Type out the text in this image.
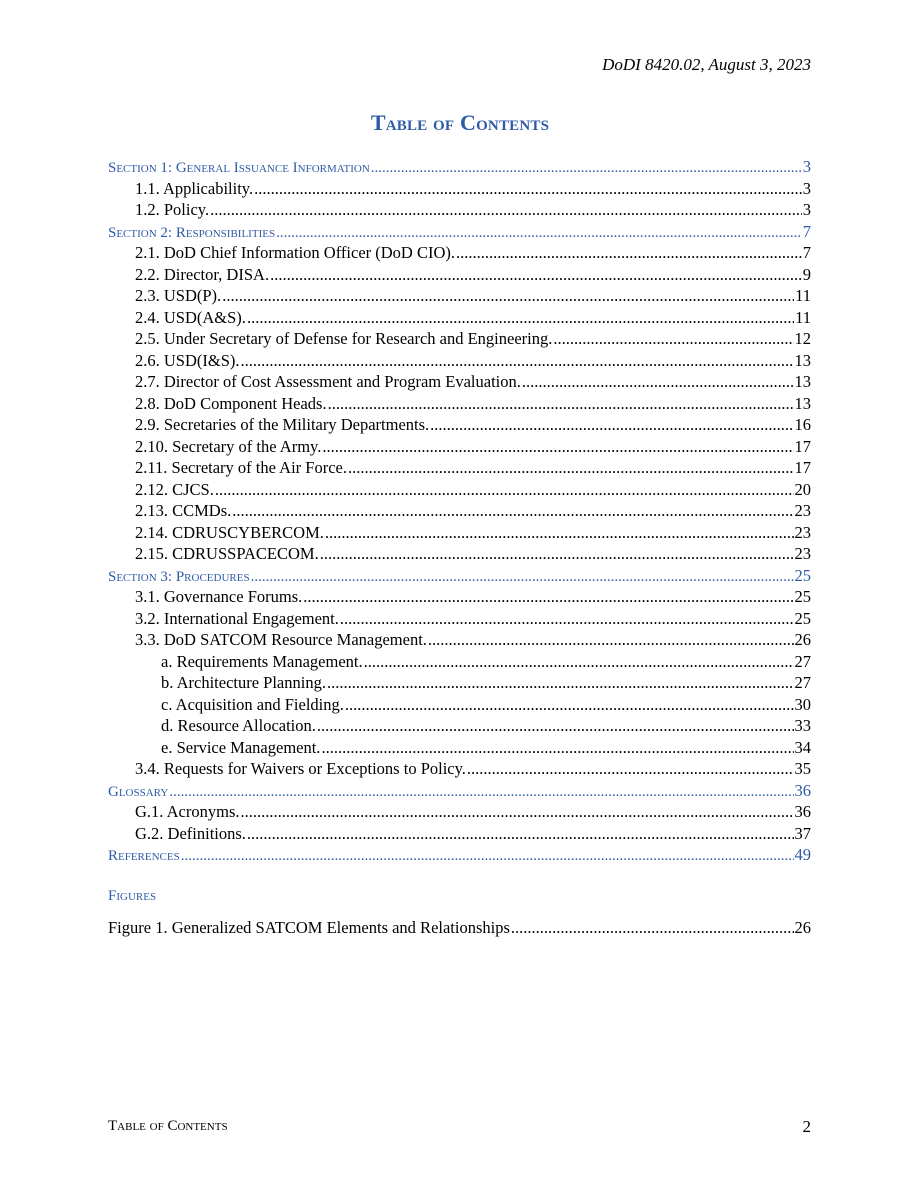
DoDI 8420.02, August 3, 2023
Table of Contents
Section 1: General Issuance Information .....	3
1.1. Applicability. .....	3
1.2. Policy. .....	3
Section 2: Responsibilities .....	7
2.1. DoD Chief Information Officer (DoD CIO). .....	7
2.2. Director, DISA. .....	9
2.3. USD(P). .....	11
2.4. USD(A&S). .....	11
2.5. Under Secretary of Defense for Research and Engineering. .....	12
2.6. USD(I&S). .....	13
2.7. Director of Cost Assessment and Program Evaluation. .....	13
2.8. DoD Component Heads. .....	13
2.9. Secretaries of the Military Departments. .....	16
2.10. Secretary of the Army. .....	17
2.11. Secretary of the Air Force. .....	17
2.12. CJCS. .....	20
2.13. CCMDs. .....	23
2.14. CDRUSCYBERCOM. .....	23
2.15. CDRUSSPACECOM. .....	23
Section 3: Procedures .....	25
3.1. Governance Forums. .....	25
3.2. International Engagement. .....	25
3.3. DoD SATCOM Resource Management. .....	26
a. Requirements Management. .....	27
b. Architecture Planning. .....	27
c. Acquisition and Fielding. .....	30
d. Resource Allocation. .....	33
e. Service Management. .....	34
3.4. Requests for Waivers or Exceptions to Policy. .....	35
Glossary .....	36
G.1. Acronyms. .....	36
G.2. Definitions. .....	37
References .....	49
Figures
Figure 1. Generalized SATCOM Elements and Relationships .....	26
Table of Contents	2
